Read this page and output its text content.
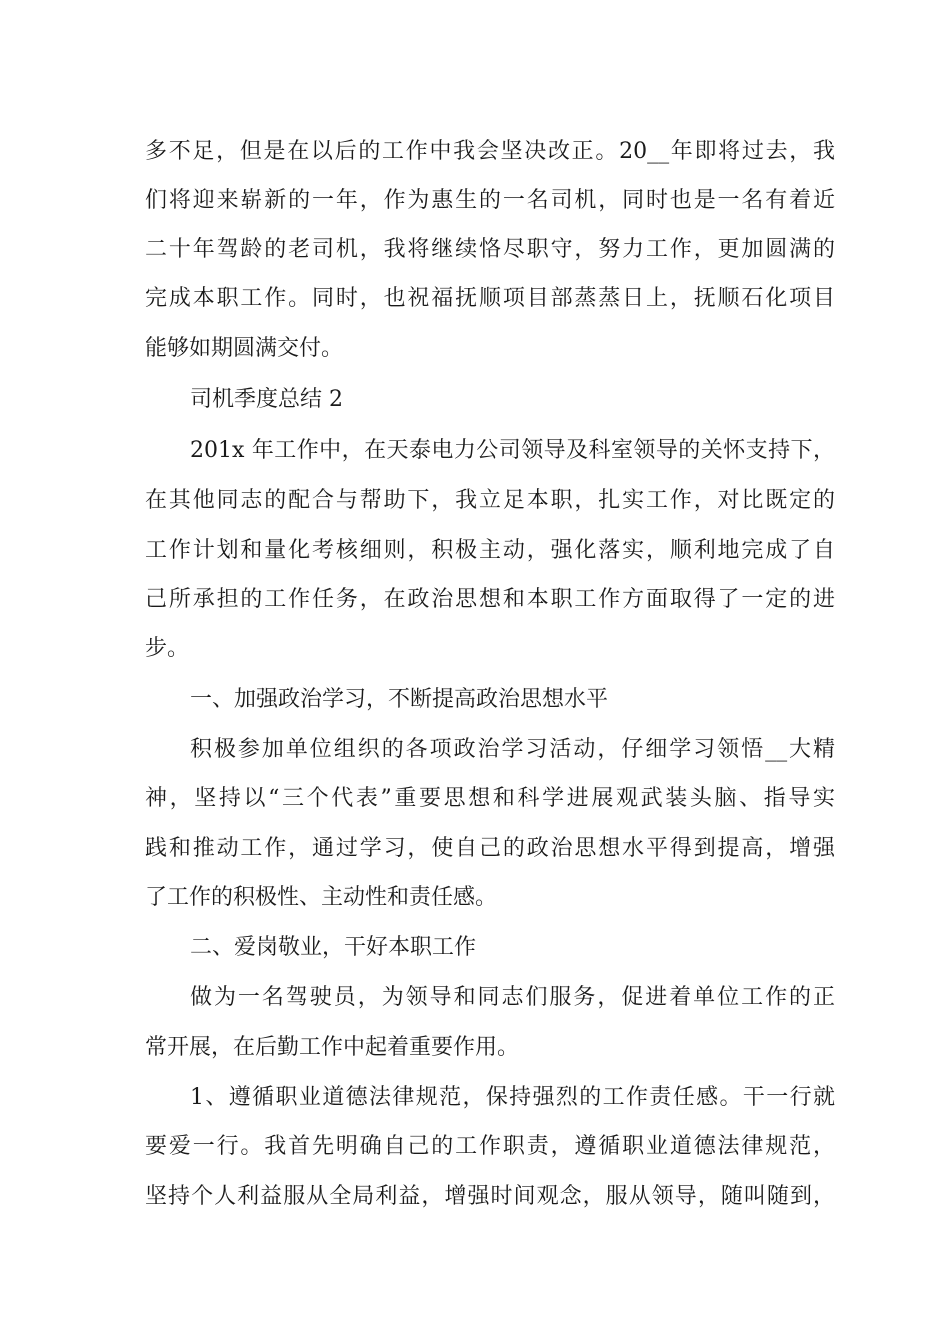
多不足，但是在以后的工作中我会坚决改正。20__年即将过去，我
们将迎来崭新的一年，作为惠生的一名司机，同时也是一名有着近
二十年驾龄的老司机，我将继续恪尽职守，努力工作，更加圆满的
完成本职工作。同时，也祝福抚顺项目部蒸蒸日上，抚顺石化项目
能够如期圆满交付。
司机季度总结 2
201x 年工作中，在天泰电力公司领导及科室领导的关怀支持下，
在其他同志的配合与帮助下，我立足本职，扎实工作，对比既定的
工作计划和量化考核细则，积极主动，强化落实，顺利地完成了自
己所承担的工作任务，在政治思想和本职工作方面取得了一定的进
步。
一、加强政治学习，不断提高政治思想水平
积极参加单位组织的各项政治学习活动，仔细学习领悟__大精
神，坚持以“三个代表”重要思想和科学进展观武装头脑、指导实
践和推动工作，通过学习，使自己的政治思想水平得到提高，增强
了工作的积极性、主动性和责任感。
二、爱岗敬业，干好本职工作
做为一名驾驶员，为领导和同志们服务，促进着单位工作的正
常开展，在后勤工作中起着重要作用。
1、遵循职业道德法律规范，保持强烈的工作责任感。干一行就
要爱一行。我首先明确自己的工作职责，遵循职业道德法律规范，
坚持个人利益服从全局利益，增强时间观念，服从领导，随叫随到，
